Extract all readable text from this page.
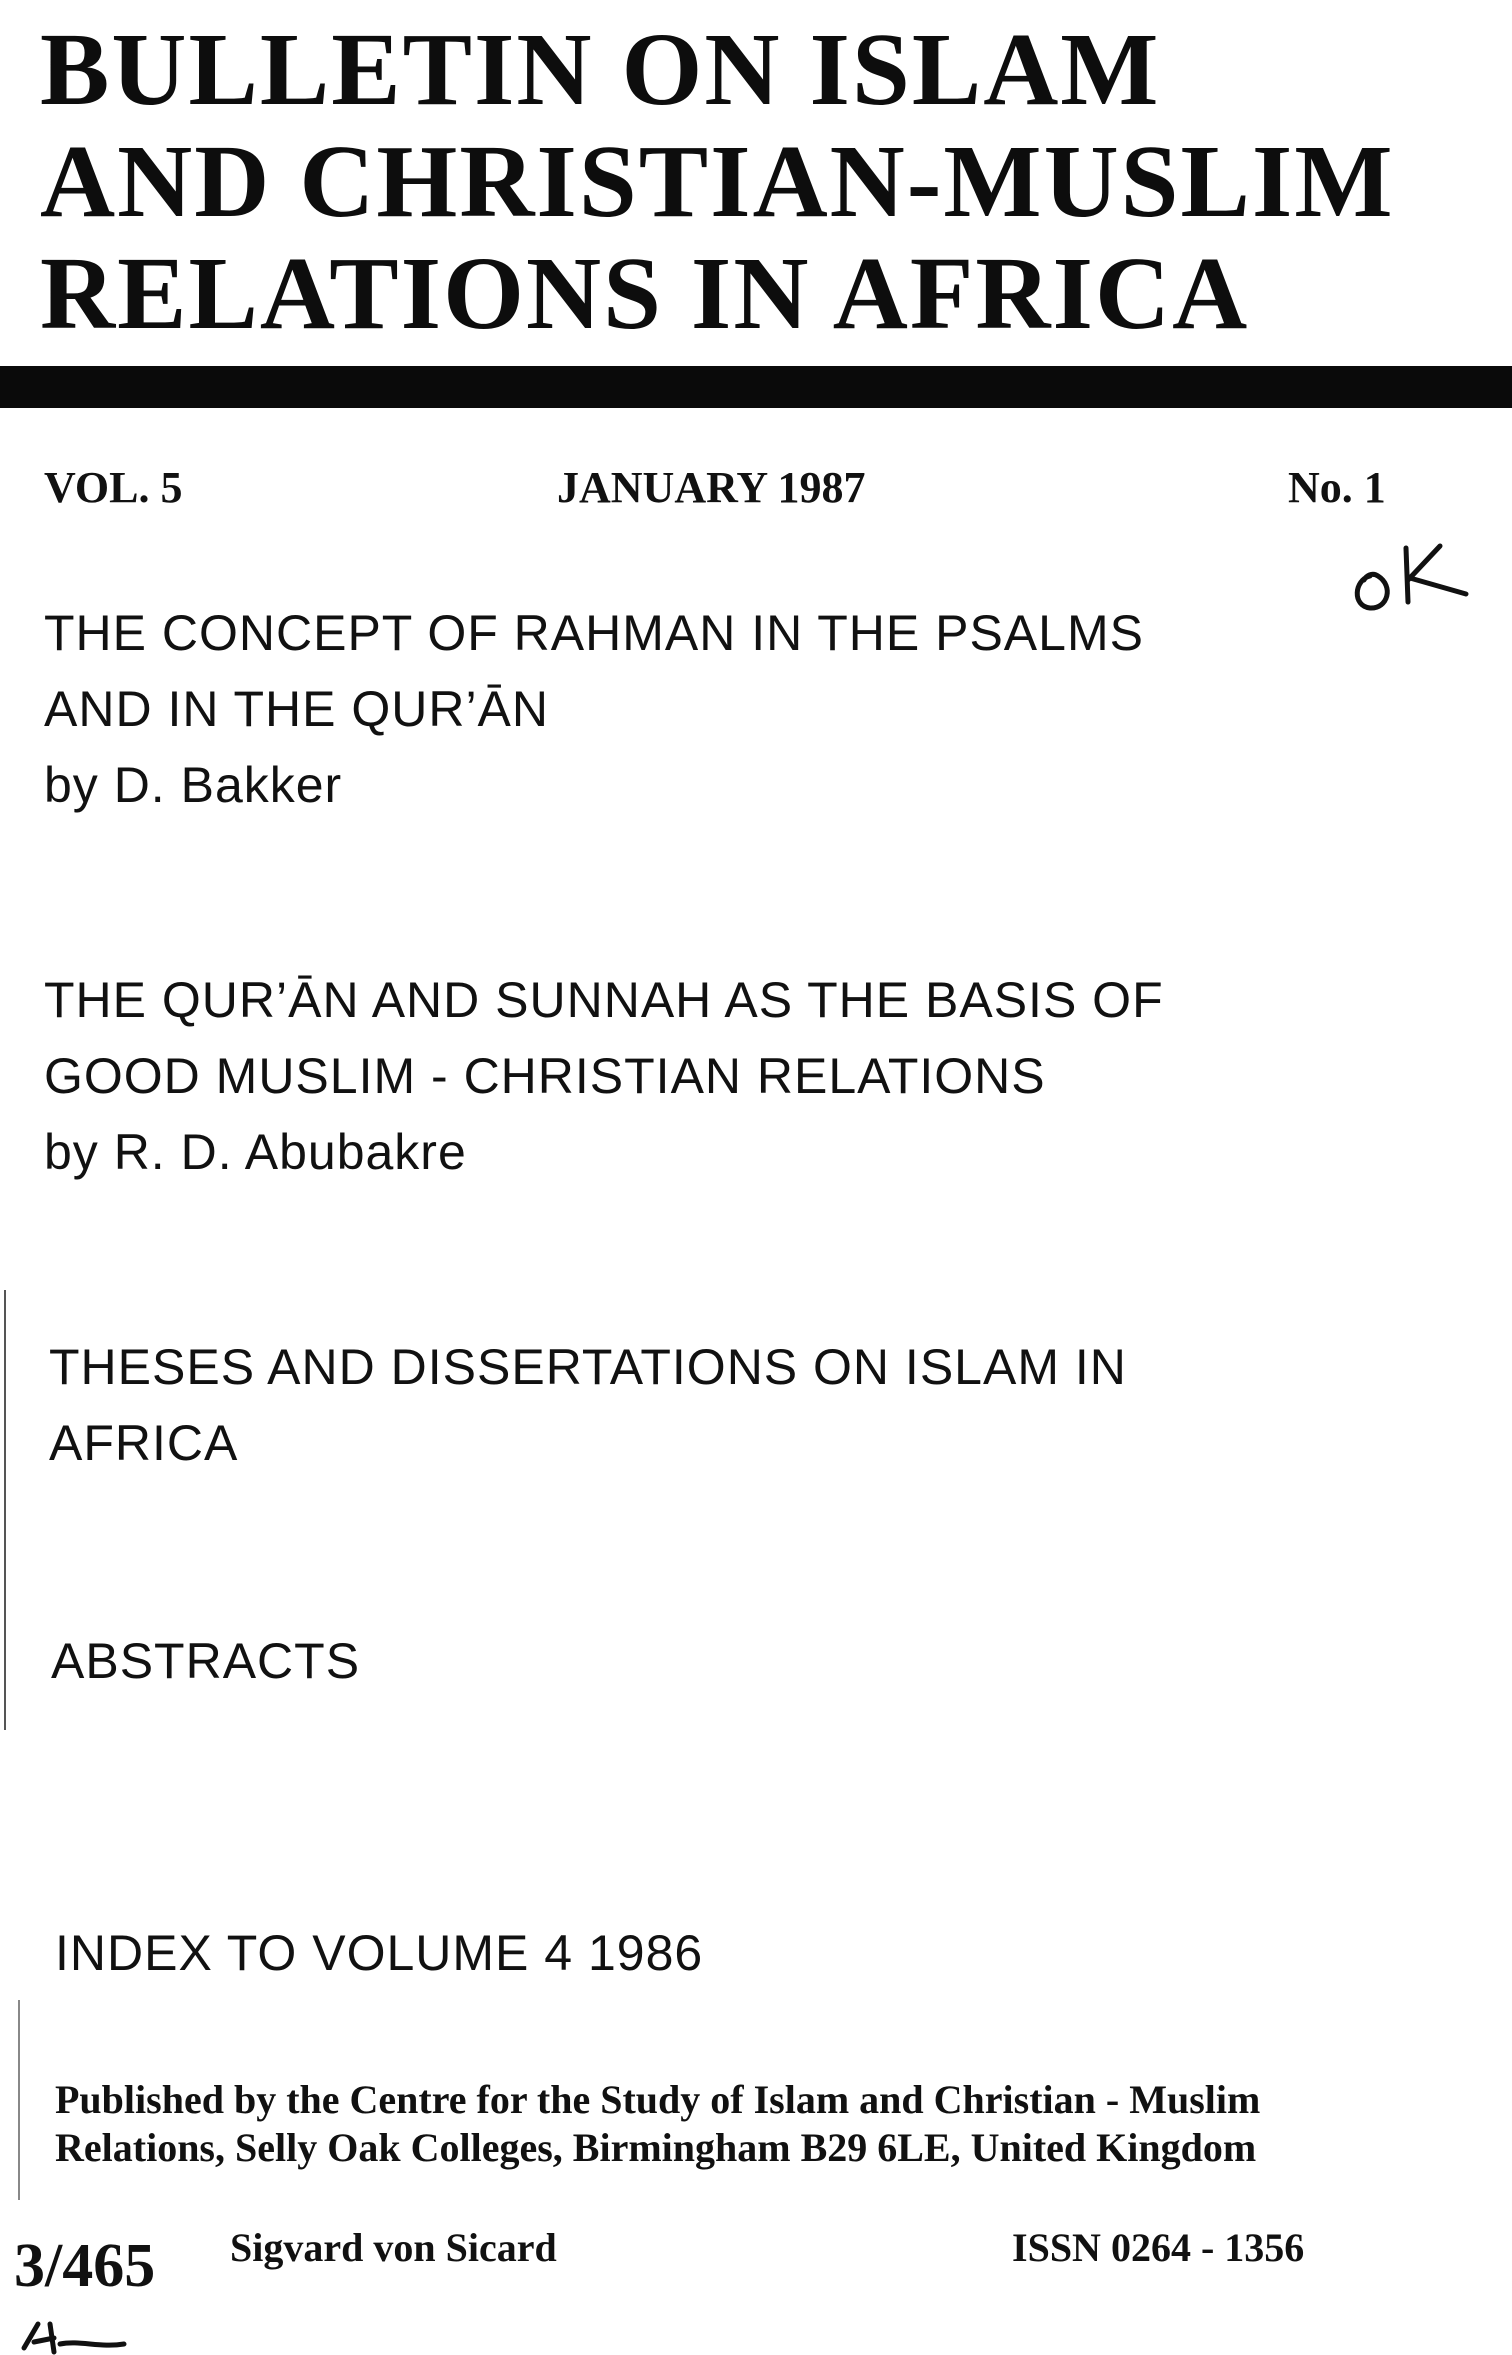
BULLETIN ON ISLAM
AND CHRISTIAN-MUSLIM
RELATIONS IN AFRICA
VOL. 5	JANUARY 1987	No. 1
THE CONCEPT OF RAHMAN IN THE PSALMS
AND IN THE QUR’ĀN
by D. Bakker
THE QUR’ĀN AND SUNNAH AS THE BASIS OF
GOOD MUSLIM - CHRISTIAN RELATIONS
by R. D. Abubakre
THESES AND DISSERTATIONS ON ISLAM IN
AFRICA
ABSTRACTS
INDEX TO VOLUME 4 1986
Published by the Centre for the Study of Islam and Christian - Muslim
Relations, Selly Oak Colleges, Birmingham B29 6LE, United Kingdom
3/465 Sigvard von Sicard	ISSN 0264 - 1356
